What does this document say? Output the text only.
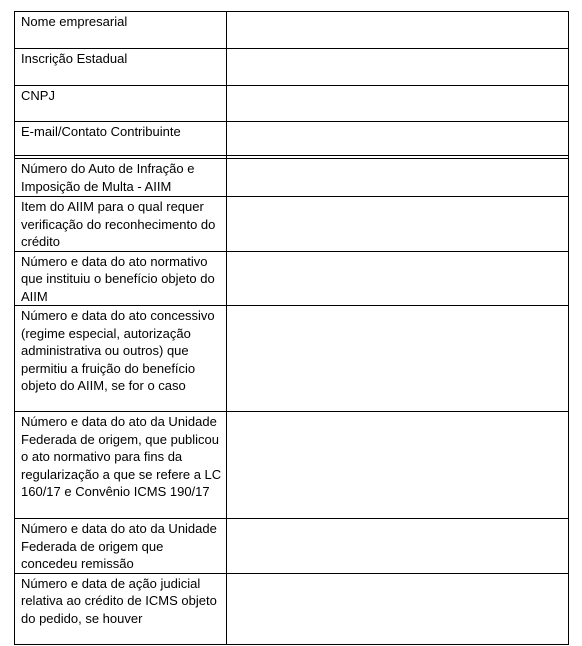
Nome empresarial	
Inscrição Estadual	
CNPJ	
E-mail/Contato Contribuinte	

Número do Auto de Infração e Imposição de Multa - AIIM	
Item do AIIM para o qual requer verificação do reconhecimento do crédito	
Número e data do ato normativo que instituiu o benefício objeto do AIIM	
Número e data do ato concessivo (regime especial, autorização administrativa ou outros) que permitiu a fruição do benefício objeto do AIIM, se for o caso	
Número e data do ato da Unidade Federada de origem, que publicou o ato normativo para fins da regularização a que se refere a LC 160/17 e Convênio ICMS 190/17	
Número e data do ato da Unidade Federada de origem que concedeu remissão	
Número e data de ação judicial relativa ao crédito de ICMS objeto do pedido, se houver	
